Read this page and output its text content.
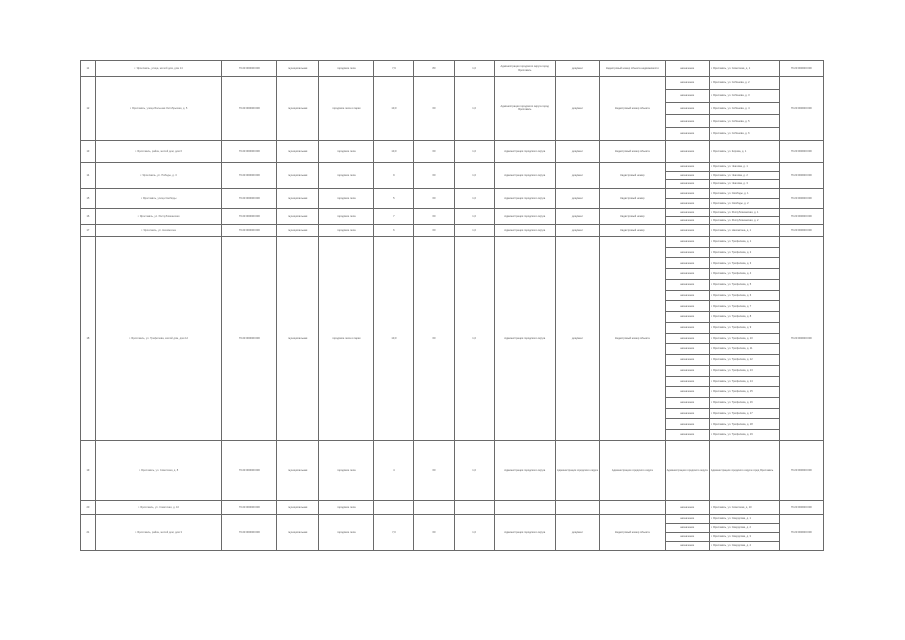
11	г. Ярославль, улица, жилой дом, дом 14	76:23:000000:000	муниципальная	городские леса	7,9	80	1,0	Администрация городского округа город Ярославль	документ	Кадастровый номер объекта недвижимости	назначение	г. Ярославль, ул. Советская, д. 1	76:23:000000:000
12	г. Ярославль, улица Большая Октябрьская, д. 5	76:23:000000:000	муниципальная	городские леса и парки	10,0	60	1,0	Администрация городского округа город Ярославль	документ	Кадастровый номер объекта	назначение	г. Ярославль, ул. Собинова, д. 2	76:23:000000:000
											назначение	г. Ярославль, ул. Собинова, д. 3	
											назначение	г. Ярославль, ул. Собинова, д. 4	
											назначение	г. Ярославль, ул. Собинова, д. 5	
											назначение	г. Ярославль, ул. Собинова, д. 6	
13	г. Ярославль, район, жилой дом, дом 6	76:23:000000:000	муниципальная	городские леса	10,0	60	1,0	Администрация городского округа	документ	Кадастровый номер объекта	назначение	г. Ярославль, ул. Кирова, д. 1	76:23:000000:000
14	г. Ярославль, ул. Победы, д. 3	76:23:000000:000	муниципальная	городские леса	9	60	1,0	Администрация городского округа	документ	Кадастровый номер	назначение	г. Ярославль, ул. Чкалова, д. 1	76:23:000000:000
											назначение	г. Ярославль, ул. Чкалова, д. 2	
											назначение	г. Ярославль, ул. Чкалова, д. 3	
15	г. Ярославль, улица Свободы	76:23:000000:000	муниципальная	городские леса	5	60	1,0	Администрация городского округа	документ	Кадастровый номер	назначение	г. Ярославль, ул. Свободы, д. 1	76:23:000000:000
											назначение	г. Ярославль, ул. Свободы, д. 2	
16	г. Ярославль, ул. Республиканская	76:23:000000:000	муниципальная	городские леса	7	60	1,0	Администрация городского округа	документ	Кадастровый номер	назначение	г. Ярославль, ул. Республиканская, д. 1	76:23:000000:000
											назначение	г. Ярославль, ул. Республиканская, д. 2	
17	г. Ярославль, ул. Нахимсона	76:23:000000:000	муниципальная	городские леса	6	60	1,0	Администрация городского округа	документ	Кадастровый номер	назначение	г. Ярославль, ул. Нахимсона, д. 1	76:23:000000:000
18	г. Ярославль, ул. Трефолева, жилой дом, дом 12	76:23:000000:000	муниципальная	городские леса и парки	10,0	60	1,0	Администрация городского округа	документ	Кадастровый номер объекта	назначение	г. Ярославль, ул. Трефолева, д. 1	76:23:000000:000
											назначение	г. Ярославль, ул. Трефолева, д. 2	
											назначение	г. Ярославль, ул. Трефолева, д. 3	
											назначение	г. Ярославль, ул. Трефолева, д. 4	
											назначение	г. Ярославль, ул. Трефолева, д. 5	
											назначение	г. Ярославль, ул. Трефолева, д. 6	
											назначение	г. Ярославль, ул. Трефолева, д. 7	
											назначение	г. Ярославль, ул. Трефолева, д. 8	
											назначение	г. Ярославль, ул. Трефолева, д. 9	
											назначение	г. Ярославль, ул. Трефолева, д. 10	
											назначение	г. Ярославль, ул. Трефолева, д. 11	
											назначение	г. Ярославль, ул. Трефолева, д. 12	
											назначение	г. Ярославль, ул. Трефолева, д. 13	
											назначение	г. Ярославль, ул. Трефолева, д. 14	
											назначение	г. Ярославль, ул. Трефолева, д. 15	
											назначение	г. Ярославль, ул. Трефолева, д. 16	
											назначение	г. Ярославль, ул. Трефолева, д. 17	
											назначение	г. Ярославль, ул. Трефолева, д. 18	
											назначение	г. Ярославль, ул. Трефолева, д. 19	
19	г. Ярославль, ул. Советская, д. 8	76:23:000000:000	муниципальная	городские леса	4	60	1,0	Администрация городского округа	Администрация городского округа	Администрация городского округа	Администрация городского округа	Администрация городского округа город Ярославль	76:23:000000:000
20	г. Ярославль, ул. Советская, д. 10	76:23:000000:000	муниципальная	городские леса							назначение	г. Ярославль, ул. Советская, д. 10	76:23:000000:000
21	г. Ярославль, район, жилой дом, дом 3	76:23:000000:000	муниципальная	городские леса	7,0	60	1,0	Администрация городского округа	документ	Кадастровый номер объекта	назначение	г. Ярославль, ул. Свердлова, д. 1	76:23:000000:000
											назначение	г. Ярославль, ул. Свердлова, д. 2	
											назначение	г. Ярославль, ул. Свердлова, д. 3	
											назначение	г. Ярославль, ул. Свердлова, д. 4	
